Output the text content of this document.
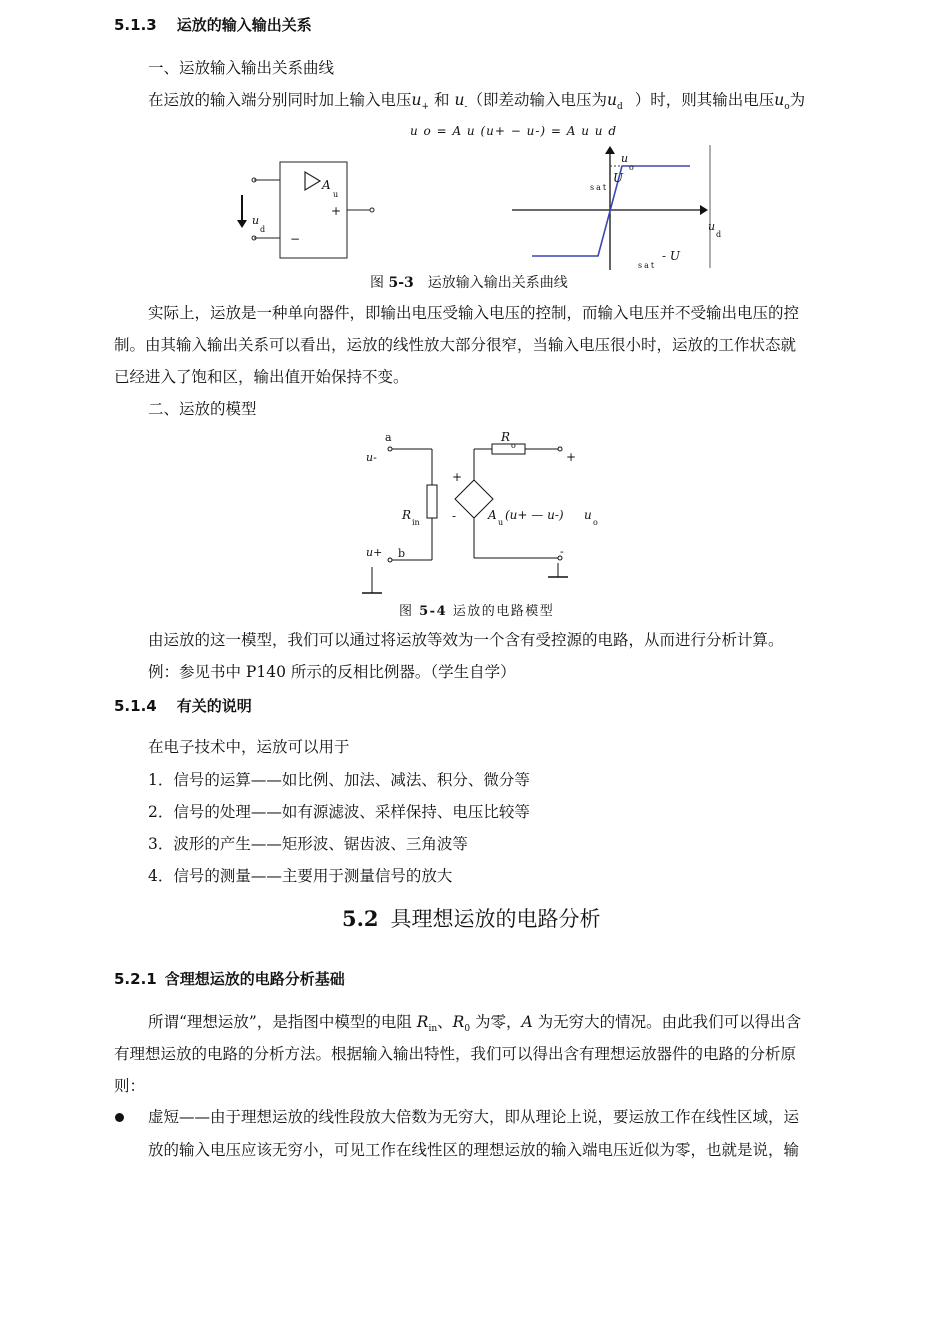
5.1.3 运放的输入输出关系
一、运放输入输出关系曲线
在运放的输入端分别同时加上输入电压$u_+$ 和 $u_-$（即差动输入电压为$u_d$ ）时，则其输出电压$u_o$为
u o = A u (u+ − u-) = A u u d
A
u
+
−
u
d
u
o
U
sat
u
d
- U
sat
图 5-3 运放输入输出关系曲线
实际上，运放是一种单向器件，即输出电压受输入电压的控制，而输入电压并不受输出电压的控
制。由其输入输出关系可以看出，运放的线性放大部分很窄，当输入电压很小时，运放的工作状态就
已经进入了饱和区，输出值开始保持不变。
二、运放的模型
a
u-
b
u+
R
in
R
o
+
+
-
-
A
u
(u+ — u-) u
o
图 5-4 运放的电路模型
由运放的这一模型，我们可以通过将运放等效为一个含有受控源的电路，从而进行分析计算。
例：参见书中 P140 所示的反相比例器。（学生自学）
5.1.4 有关的说明
在电子技术中，运放可以用于
1．信号的运算——如比例、加法、减法、积分、微分等
2．信号的处理——如有源滤波、采样保持、电压比较等
3．波形的产生——矩形波、锯齿波、三角波等
4．信号的测量——主要用于测量信号的放大
5.2 具理想运放的电路分析
5.2.1 含理想运放的电路分析基础
所谓“理想运放”，是指图中模型的电阻 $R_{in}$、$R_0$ 为零，A 为无穷大的情况。由此我们可以得出含
有理想运放的电路的分析方法。根据输入输出特性，我们可以得出含有理想运放器件的电路的分析原
则：
虚短——由于理想运放的线性段放大倍数为无穷大，即从理论上说，要运放工作在线性区域，运
放的输入电压应该无穷小，可见工作在线性区的理想运放的输入端电压近似为零，也就是说，输
